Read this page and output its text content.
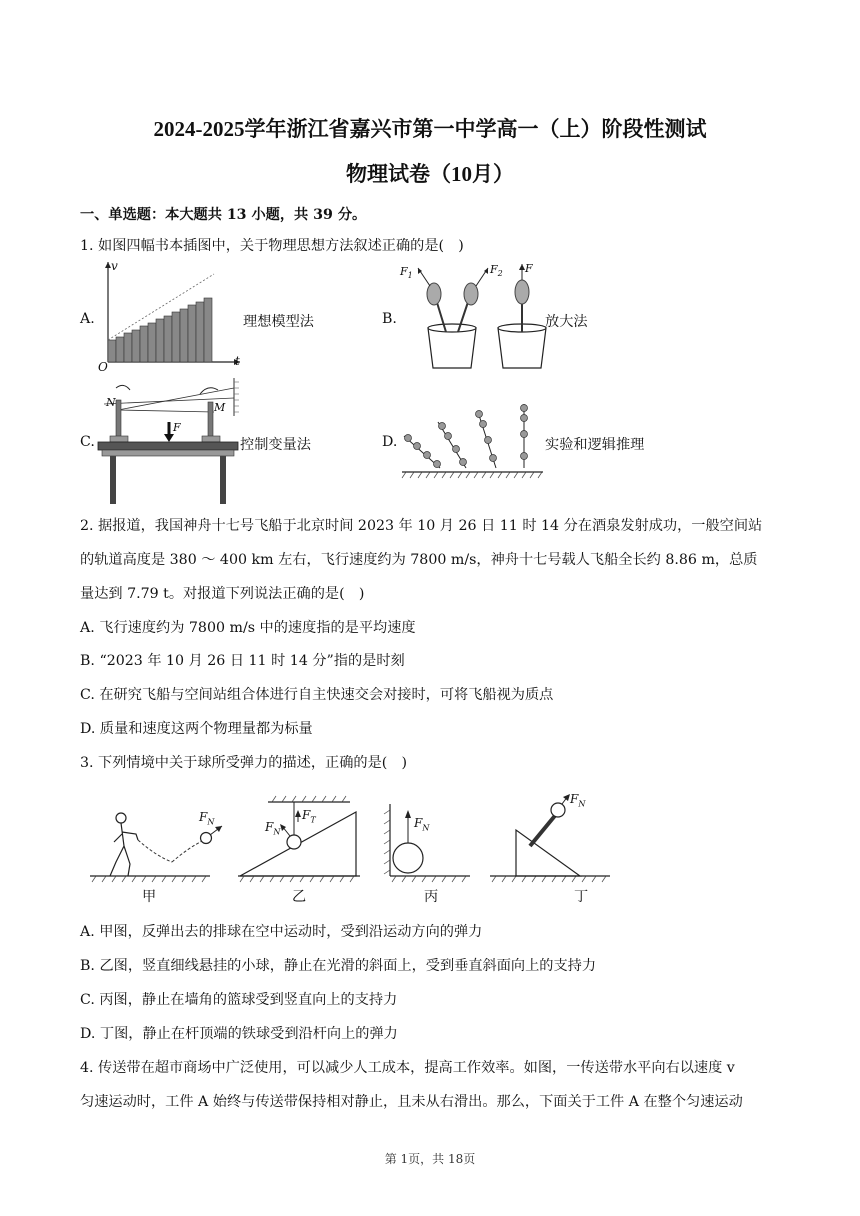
2024-2025学年浙江省嘉兴市第一中学高一（上）阶段性测试
物理试卷（10月）
一、单选题：本大题共 13 小题，共 39 分。
1. 如图四幅书本插图中，关于物理思想方法叙述正确的是(　)
A.
v
t
O
理想模型法	B.
$F_1$	$F_2$ F
放大法
C.
N	M
F
控制变量法	D.	实验和逻辑推理
2. 据报道，我国神舟十七号飞船于北京时间 2023 年 10 月 26 日 11 时 14 分在酒泉发射成功，一般空间站
的轨道高度是 380 ～ 400 km 左右，飞行速度约为 7800 m/s，神舟十七号载人飞船全长约 8.86 m，总质
量达到 7.79 t。对报道下列说法正确的是(　)
A. 飞行速度约为 7800 m/s 中的速度指的是平均速度
B. “2023 年 10 月 26 日 11 时 14 分”指的是时刻
C. 在研究飞船与空间站组合体进行自主快速交会对接时，可将飞船视为质点
D. 质量和速度这两个物理量都为标量
3. 下列情境中关于球所受弹力的描述，正确的是(　)
$F_N$	$F_N$
$F_T$	$F_N$
$F_N$
甲	乙	丙	丁
A. 甲图，反弹出去的排球在空中运动时，受到沿运动方向的弹力
B. 乙图，竖直细线悬挂的小球，静止在光滑的斜面上，受到垂直斜面向上的支持力
C. 丙图，静止在墙角的篮球受到竖直向上的支持力
D. 丁图，静止在杆顶端的铁球受到沿杆向上的弹力
4. 传送带在超市商场中广泛使用，可以减少人工成本，提高工作效率。如图，一传送带水平向右以速度 v
匀速运动时，工件 A 始终与传送带保持相对静止，且未从右滑出。那么，下面关于工件 A 在整个匀速运动
第 1页，共 18页
